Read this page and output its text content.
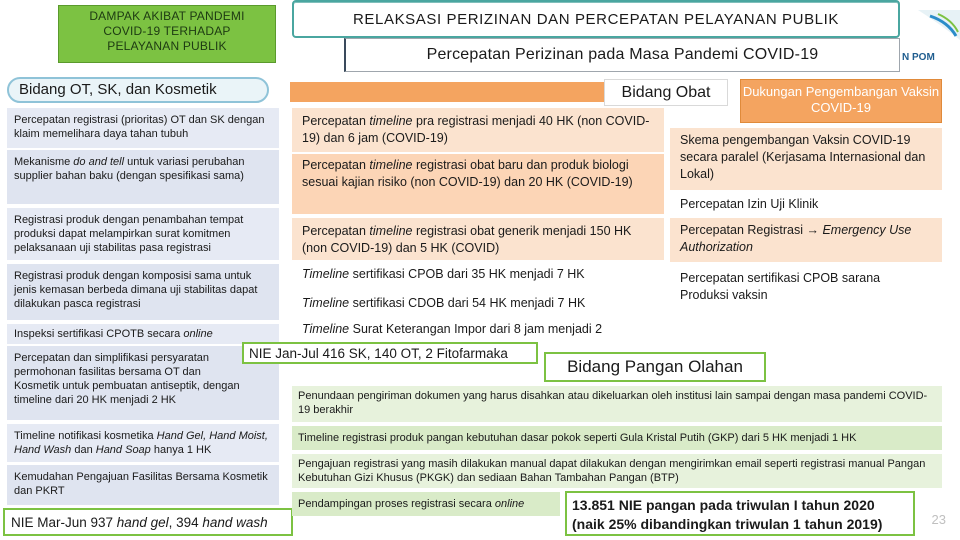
DAMPAK AKIBAT PANDEMI
COVID-19 TERHADAP
PELAYANAN PUBLIK
RELAKSASI PERIZINAN DAN PERCEPATAN PELAYANAN PUBLIK
Percepatan Perizinan pada Masa Pandemi COVID-19	N POM
Bidang OT, SK, dan Kosmetik
Percepatan registrasi (prioritas) OT dan SK dengan klaim memelihara daya tahan tubuh
Mekanisme do and tell untuk variasi perubahan supplier bahan baku (dengan spesifikasi sama)
Registrasi produk dengan penambahan tempat produksi dapat melampirkan surat komitmen pelaksanaan uji stabilitas pasa registrasi
Registrasi produk dengan komposisi sama untuk jenis kemasan berbeda dimana uji stabilitas dapat dilakukan pasca registrasi
Inspeksi sertifikasi CPOTB secara online
Percepatan dan simplifikasi persyaratan permohonan fasilitas bersama OT dan Kosmetik untuk pembuatan antiseptik, dengan timeline dari 20 HK menjadi 2 HK
Timeline notifikasi kosmetika Hand Gel, Hand Moist, Hand Wash dan Hand Soap hanya 1 HK
Kemudahan Pengajuan Fasilitas Bersama Kosmetik dan PKRT
NIE Jan-Jul 416 SK, 140 OT, 2 Fitofarmaka
NIE Mar-Jun 937 hand gel, 394 hand wash
Bidang Obat
Percepatan timeline pra registrasi menjadi 40 HK (non COVID-19) dan 6 jam (COVID-19)
Percepatan timeline registrasi obat baru dan produk biologi sesuai kajian risiko (non COVID-19) dan 20 HK (COVID-19)
Percepatan timeline registrasi obat generik menjadi 150 HK (non COVID-19) dan 5 HK (COVID)
Timeline sertifikasi CPOB dari 35 HK menjadi 7 HK
Timeline sertifikasi CDOB dari 54 HK menjadi 7 HK
Timeline Surat Keterangan Impor dari 8 jam menjadi 2
Dukungan Pengembangan Vaksin COVID-19
Skema pengembangan Vaksin COVID-19 secara paralel (Kerjasama Internasional dan Lokal)
Percepatan Izin Uji Klinik
Percepatan Registrasi → Emergency Use Authorization
Percepatan sertifikasi CPOB sarana Produksi vaksin
Bidang Pangan Olahan
Penundaan pengiriman dokumen yang harus disahkan atau dikeluarkan oleh institusi lain sampai dengan masa pandemi COVID-19 berakhir
Timeline registrasi produk pangan kebutuhan dasar pokok seperti Gula Kristal Putih (GKP) dari 5 HK menjadi 1 HK
Pengajuan registrasi yang masih dilakukan manual dapat dilakukan dengan mengirimkan email seperti registrasi manual Pangan Kebutuhan Gizi Khusus (PKGK) dan sediaan Bahan Tambahan Pangan (BTP)
Pendampingan proses registrasi secara online	13.851 NIE pangan pada triwulan I tahun 2020
(naik 25% dibandingkan triwulan 1 tahun 2019)	23
